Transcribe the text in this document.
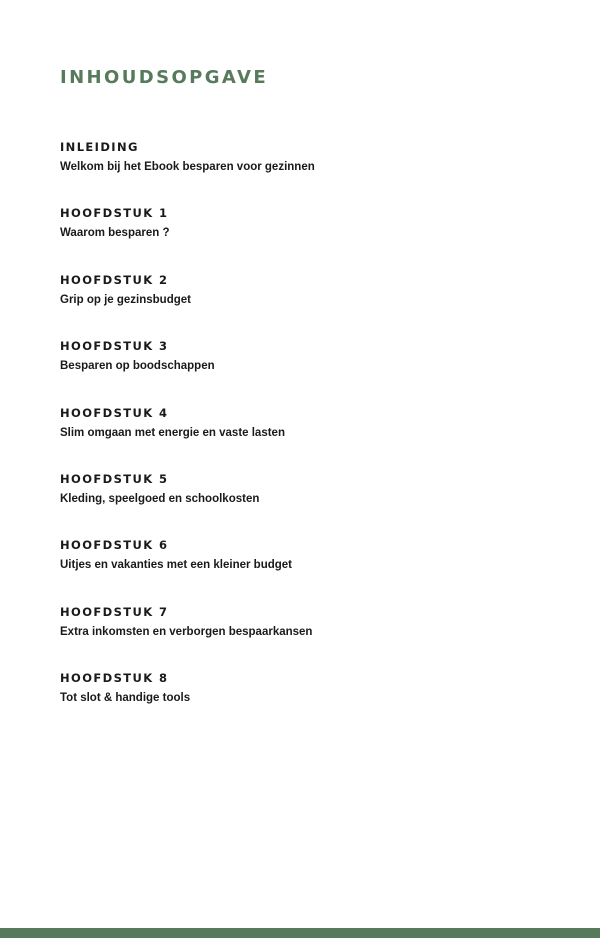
INHOUDSOPGAVE
INLEIDING
Welkom bij het Ebook besparen voor gezinnen
HOOFDSTUK 1
Waarom besparen ?
HOOFDSTUK 2
Grip op je gezinsbudget
HOOFDSTUK 3
Besparen op boodschappen
HOOFDSTUK 4
Slim omgaan met energie en vaste lasten
HOOFDSTUK 5
Kleding, speelgoed en schoolkosten
HOOFDSTUK 6
Uitjes en vakanties met een kleiner budget
HOOFDSTUK 7
Extra inkomsten en verborgen bespaarkansen
HOOFDSTUK 8
Tot slot & handige tools
